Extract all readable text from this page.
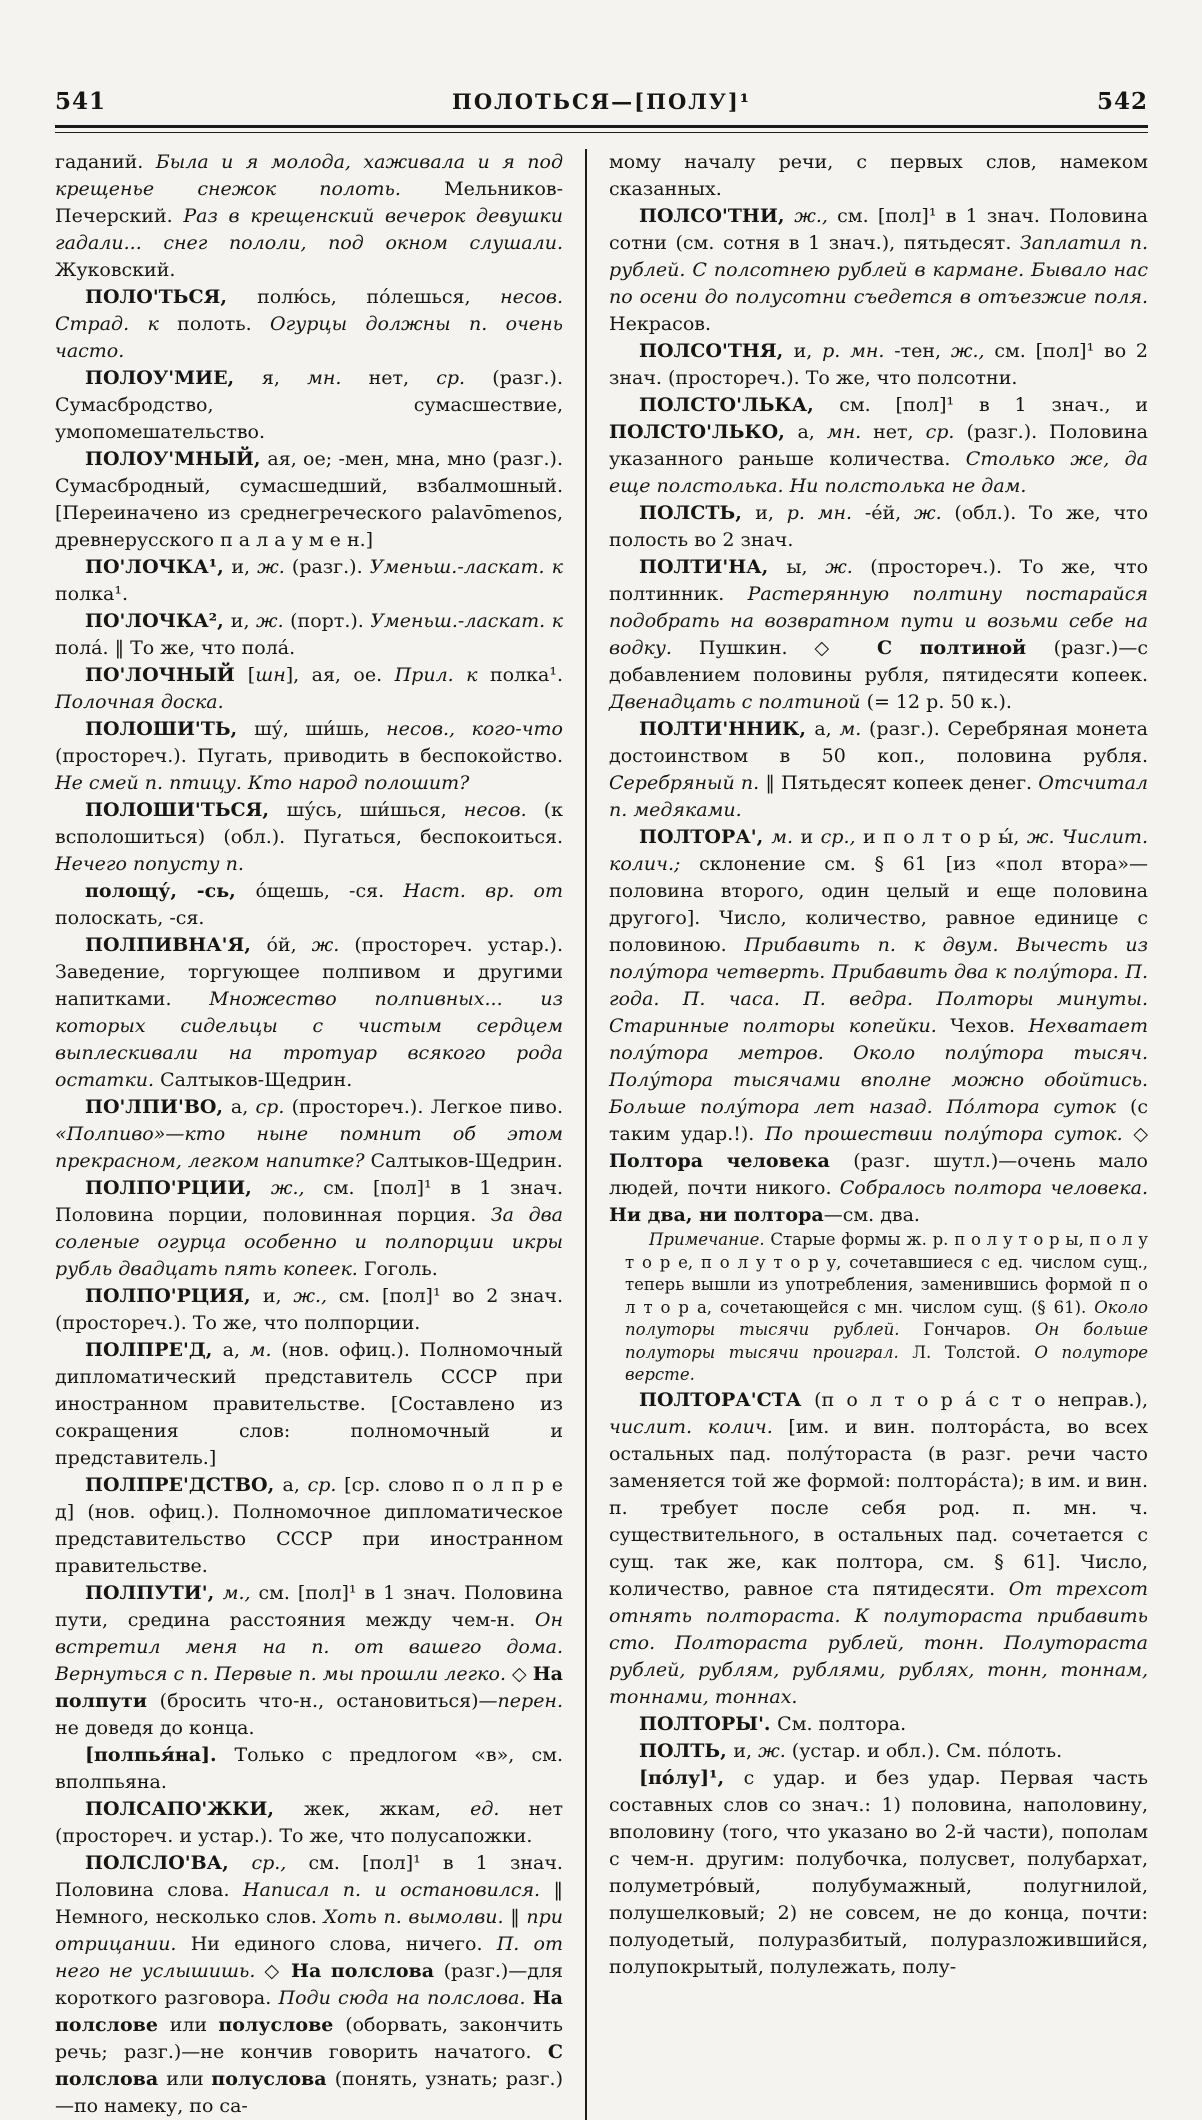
541	ПОЛОТЬСЯ—[ПОЛУ]¹	542

гаданий. Была и я молода, хаживала и я под крещенье снежок полоть. Мельников-Печерский. Раз в крещенский вечерок девушки гадали... снег пололи, под окном слушали. Жуковский.

ПОЛО'ТЬСЯ, полю́сь, по́лешься, несов. Страд. к полоть. Огурцы должны п. очень часто.

ПОЛОУ'МИЕ, я, мн. нет, ср. (разг.). Сумасбродство, сумасшествие, умопомешательство.

ПОЛОУ'МНЫЙ, ая, ое; -мен, мна, мно (разг.). Сумасбродный, сумасшедший, взбалмошный. [Переиначено из среднегреческого palavōmenos, древнерусского п а л а у м е н.]

ПО'ЛОЧКА¹, и, ж. (разг.). Уменьш.-ласкат. к полка¹.

ПО'ЛОЧКА², и, ж. (порт.). Уменьш.-ласкат. к пола́. ‖ То же, что пола́.

ПО'ЛОЧНЫЙ [шн], ая, ое. Прил. к полка¹. Полочная доска.

ПОЛОШИ'ТЬ, шу́, ши́шь, несов., кого-что (простореч.). Пугать, приводить в беспокойство. Не смей п. птицу. Кто народ полошит?

ПОЛОШИ'ТЬСЯ, шу́сь, ши́шься, несов. (к всполошиться) (обл.). Пугаться, беспокоиться. Нечего попусту п.

полощу́, -сь, о́щешь, -ся. Наст. вр. от полоскать, -ся.

ПОЛПИВНА'Я, о́й, ж. (простореч. устар.). Заведение, торгующее полпивом и другими напитками. Множество полпивных... из которых сидельцы с чистым сердцем выплескивали на тротуар всякого рода остатки. Салтыков-Щедрин.

ПО'ЛПИ'ВО, а, ср. (простореч.). Легкое пиво. «Полпиво»—кто ныне помнит об этом прекрасном, легком напитке? Салтыков-Щедрин.

ПОЛПО'РЦИИ, ж., см. [пол]¹ в 1 знач. Половина порции, половинная порция. За два соленые огурца особенно и полпорции икры рубль двадцать пять копеек. Гоголь.

ПОЛПО'РЦИЯ, и, ж., см. [пол]¹ во 2 знач. (простореч.). То же, что полпорции.

ПОЛПРЕ'Д, а, м. (нов. офиц.). Полномочный дипломатический представитель СССР при иностранном правительстве. [Составлено из сокращения слов: полномочный и представитель.]

ПОЛПРЕ'ДСТВО, а, ср. [ср. слово п о л п р е д] (нов. офиц.). Полномочное дипломатическое представительство СССР при иностранном правительстве.

ПОЛПУТИ', м., см. [пол]¹ в 1 знач. Половина пути, средина расстояния между чем-н. Он встретил меня на п. от вашего дома. Вернуться с п. Первые п. мы прошли легко. ◇ На полпути (бросить что-н., остановиться)—перен. не доведя до конца.

[полпья́на]. Только с предлогом «в», см. вполпьяна.

ПОЛСАПО'ЖКИ, жек, жкам, ед. нет (простореч. и устар.). То же, что полусапожки.

ПОЛСЛО'ВА, ср., см. [пол]¹ в 1 знач. Половина слова. Написал п. и остановился. ‖ Немного, несколько слов. Хоть п. вымолви. ‖ при отрицании. Ни единого слова, ничего. П. от него не услышишь. ◇ На полслова (разг.)—для короткого разговора. Поди сюда на полслова. На полслове или полуслове (оборвать, закончить речь; разг.)—не кончив говорить начатого. С полслова или полуслова (понять, узнать; разг.)—по намеку, по са-

мому началу речи, с первых слов, намеком сказанных.

ПОЛСО'ТНИ, ж., см. [пол]¹ в 1 знач. Половина сотни (см. сотня в 1 знач.), пятьдесят. Заплатил п. рублей. С полсотнею рублей в кармане. Бывало нас по осени до полусотни съедется в отъезжие поля. Некрасов.

ПОЛСО'ТНЯ, и, р. мн. -тен, ж., см. [пол]¹ во 2 знач. (простореч.). То же, что полсотни.

ПОЛСТО'ЛЬКА, см. [пол]¹ в 1 знач., и ПОЛСТО'ЛЬКО, а, мн. нет, ср. (разг.). Половина указанного раньше количества. Столько же, да еще полстолька. Ни полстолька не дам.

ПОЛСТЬ, и, р. мн. -е́й, ж. (обл.). То же, что полость во 2 знач.

ПОЛТИ'НА, ы, ж. (простореч.). То же, что полтинник. Растерянную полтину постарайся подобрать на возвратном пути и возьми себе на водку. Пушкин. ◇ С полтиной (разг.)—с добавлением половины рубля, пятидесяти копеек. Двенадцать с полтиной (= 12 р. 50 к.).

ПОЛТИ'ННИК, а, м. (разг.). Серебряная монета достоинством в 50 коп., половина рубля. Серебряный п. ‖ Пятьдесят копеек денег. Отсчитал п. медяками.

ПОЛТОРА', м. и ср., и п о л т о р ы́, ж. Числит. колич.; склонение см. § 61 [из «пол втора»—половина второго, один целый и еще половина другого]. Число, количество, равное единице с половиною. Прибавить п. к двум. Вычесть из полу́тора четверть. Прибавить два к полу́тора. П. года. П. часа. П. ведра. Полторы минуты. Старинные полторы копейки. Чехов. Нехватает полу́тора метров. Около полу́тора тысяч. Полу́тора тысячами вполне можно обойтись. Больше полу́тора лет назад. По́лтора суток (с таким удар.!). По прошествии полу́тора суток. ◇ Полтора человека (разг. шутл.)—очень мало людей, почти никого. Собралось полтора человека. Ни два, ни полтора—см. два.

Примечание. Старые формы ж. р. п о л у т о р ы, п о л у т о р е, п о л у т о р у, сочетавшиеся с ед. числом сущ., теперь вышли из употребления, заменившись формой п о л т о р а, сочетающейся с мн. числом сущ. (§ 61). Около полуторы тысячи рублей. Гончаров. Он больше полуторы тысячи проиграл. Л. Толстой. О полуторе версте.

ПОЛТОРА'СТА (п о л т о р а́ с т о неправ.), числит. колич. [им. и вин. полтора́ста, во всех остальных пад. полу́тораста (в разг. речи часто заменяется той же формой: полтора́ста); в им. и вин. п. требует после себя род. п. мн. ч. существительного, в остальных пад. сочетается с сущ. так же, как полтора, см. § 61]. Число, количество, равное ста пятидесяти. От трехсот отнять полтораста. К полутораста прибавить сто. Полтораста рублей, тонн. Полутораста рублей, рублям, рублями, рублях, тонн, тоннам, тоннами, тоннах.

ПОЛТОРЫ'. См. полтора.

ПОЛТЬ, и, ж. (устар. и обл.). См. по́лоть.

[по́лу]¹, с удар. и без удар. Первая часть составных слов со знач.: 1) половина, наполовину, вполовину (того, что указано во 2-й части), пополам с чем-н. другим: полубочка, полусвет, полубархат, полуметро́вый, полубумажный, полугнилой, полушелковый; 2) не совсем, не до конца, почти: полуодетый, полуразбитый, полуразложившийся, полупокрытый, полулежать, полу-
